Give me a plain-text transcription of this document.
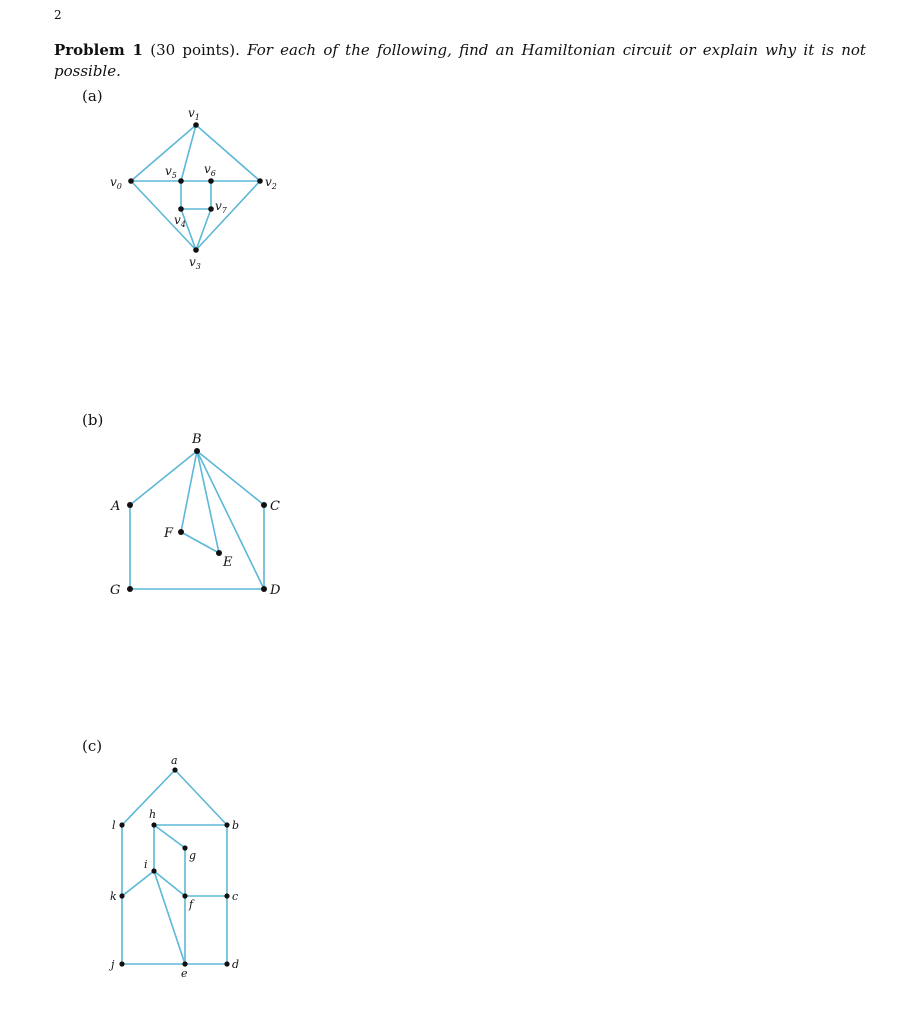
2
Problem 1 (30 points). For each of the following, find an Hamiltonian circuit or explain why it is not possible.
(a)
$v_1$
$v_0$
$v_5$ $v_6$
$v_2$
$v_4$
$v_7$
$v_3$
(b)
B
A	C
F
E
G	D
(c)
a
l
h
b
g
i
k
f
c
j
e
d
